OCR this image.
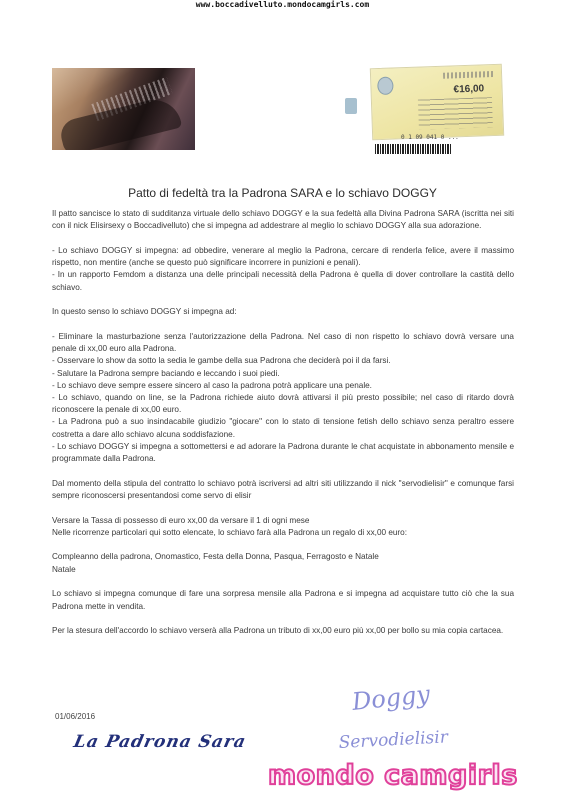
www.boccadivelluto.mondocamgirls.com
€16,00
0 1 09 041 0 ...
Patto di fedeltà tra la Padrona SARA e lo schiavo DOGGY

Il patto sancisce lo stato di sudditanza virtuale dello schiavo DOGGY e la sua fedeltà alla Divina Padrona SARA (iscritta nei siti con il nick Elisirsexy o Boccadivelluto) che si impegna ad addestrare al meglio lo schiavo DOGGY alla sua adorazione.

- Lo schiavo DOGGY si impegna: ad obbedire, venerare al meglio la Padrona, cercare di renderla felice, avere il massimo rispetto, non mentire (anche se questo può significare incorrere in punizioni e penali).
- In un rapporto Femdom a distanza una delle principali necessità della Padrona è quella di dover controllare la castità dello schiavo.

In questo senso lo schiavo DOGGY si impegna ad:

- Eliminare la masturbazione senza l'autorizzazione della Padrona. Nel caso di non rispetto lo schiavo dovrà versare una penale di xx,00 euro alla Padrona.
- Osservare lo show da sotto la sedia le gambe della sua Padrona che deciderà poi il da farsi.
- Salutare la Padrona sempre baciando e leccando i suoi piedi.
- Lo schiavo deve sempre essere sincero al caso la padrona potrà applicare una penale.
- Lo schiavo, quando on line, se la Padrona richiede aiuto dovrà attivarsi il più presto possibile; nel caso di ritardo dovrà riconoscere la penale di xx,00 euro.
- La Padrona può a suo insindacabile giudizio "giocare" con lo stato di tensione fetish dello schiavo senza peraltro essere costretta a dare allo schiavo alcuna soddisfazione.
- Lo schiavo DOGGY si impegna a sottomettersi e ad adorare la Padrona durante le chat acquistate in abbonamento mensile e programmate dalla Padrona.

Dal momento della stipula del contratto lo schiavo potrà iscriversi ad altri siti utilizzando il nick "servodielisir" e comunque farsi sempre riconoscersi presentandosi come servo di elisir

Versare la Tassa di possesso di euro xx,00 da versare il 1 di ogni mese
Nelle ricorrenze particolari qui sotto elencate, lo schiavo farà alla Padrona un regalo di xx,00 euro:

Compleanno della padrona, Onomastico, Festa della Donna, Pasqua, Ferragosto e Natale
Natale

Lo schiavo si impegna comunque di fare una sorpresa mensile alla Padrona e si impegna ad acquistare tutto ciò che la sua Padrona mette in vendita.

Per la stesura dell'accordo lo schiavo verserà alla Padrona un tributo di xx,00 euro più xx,00 per bollo su mia copia cartacea.

01/06/2016
La Padrona Sara
Doggy
Servodielisir
mondo camgirls
